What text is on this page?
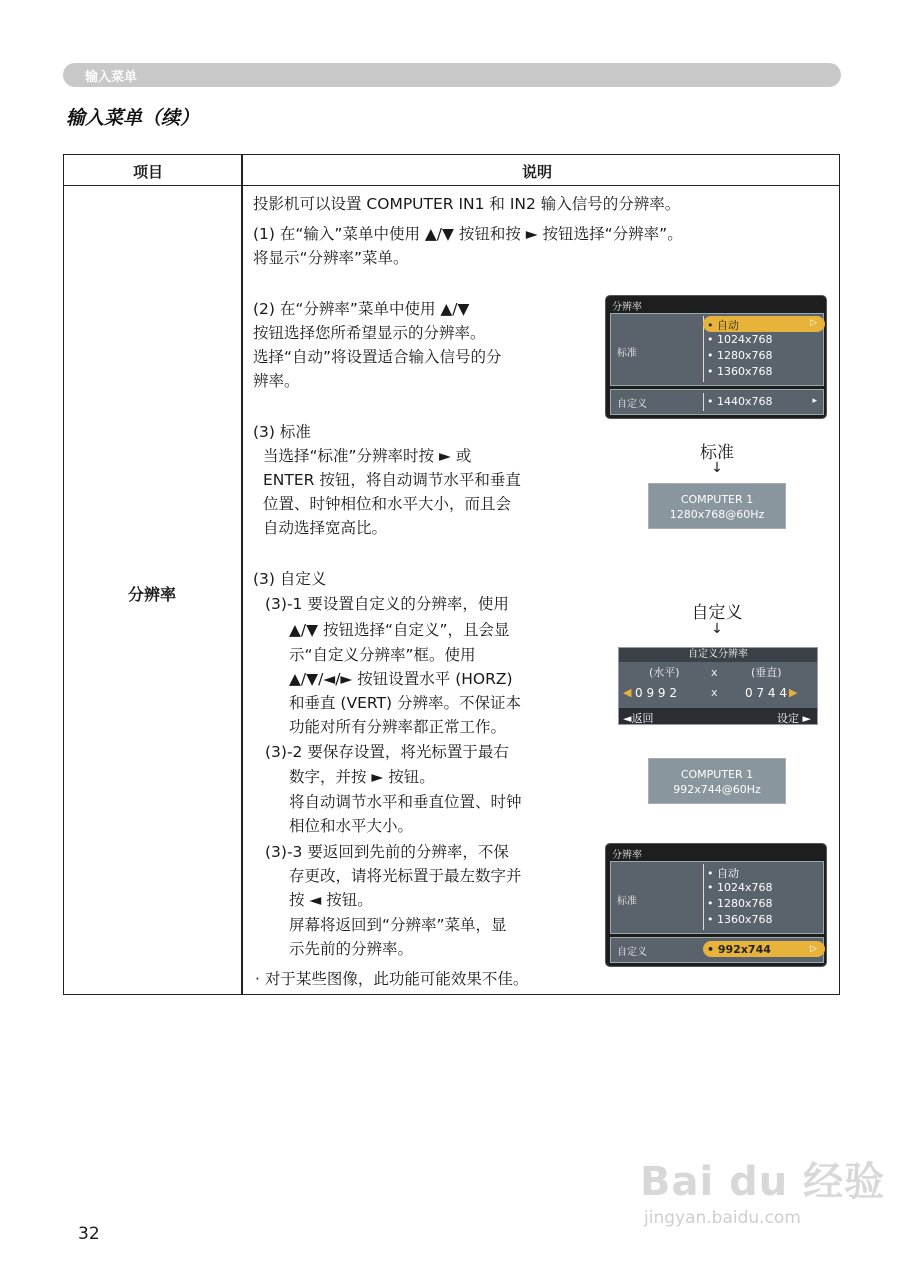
输入菜单
输入菜单（续）
项目	说明
分辨率
投影机可以设置 COMPUTER IN1 和 IN2 输入信号的分辨率。
(1) 在“输入”菜单中使用 ▲/▼ 按钮和按 ► 按钮选择“分辨率”。
将显示“分辨率”菜单。
(2) 在“分辨率”菜单中使用 ▲/▼
按钮选择您所希望显示的分辨率。
选择“自动”将设置适合输入信号的分
辨率。
(3) 标准
当选择“标准”分辨率时按 ► 或
ENTER 按钮，将自动调节水平和垂直
位置、时钟相位和水平大小，而且会
自动选择宽高比。
(3) 自定义
(3)-1 要设置自定义的分辨率，使用
▲/▼ 按钮选择“自定义”，且会显
示“自定义分辨率”框。使用
▲/▼/◄/► 按钮设置水平 (HORZ)
和垂直 (VERT) 分辨率。不保证本
功能对所有分辨率都正常工作。
(3)-2 要保存设置，将光标置于最右
数字，并按 ► 按钮。
将自动调节水平和垂直位置、时钟
相位和水平大小。
(3)-3 要返回到先前的分辨率，不保
存更改，请将光标置于最左数字并
按 ◄ 按钮。
屏幕将返回到“分辨率”菜单，显
示先前的分辨率。
· 对于某些图像，此功能可能效果不佳。
分辨率
标准
▷
• 自动
• 1024x768
• 1280x768
• 1360x768
自定义	• 1440x768	▸
标准
↓
COMPUTER 1
1280x768@60Hz
自定义
↓
自定义分辨率
(水平)	x	(垂直)
◀ 0 9 9 2	x 0 7 4 4 ▶
◄返回	设定 ►
COMPUTER 1
992x744@60Hz
分辨率
标准
• 自动
• 1024x768
• 1280x768
• 1360x768
自定义	• 992x744	▷
32
Bai du 经验
jingyan.baidu.com
